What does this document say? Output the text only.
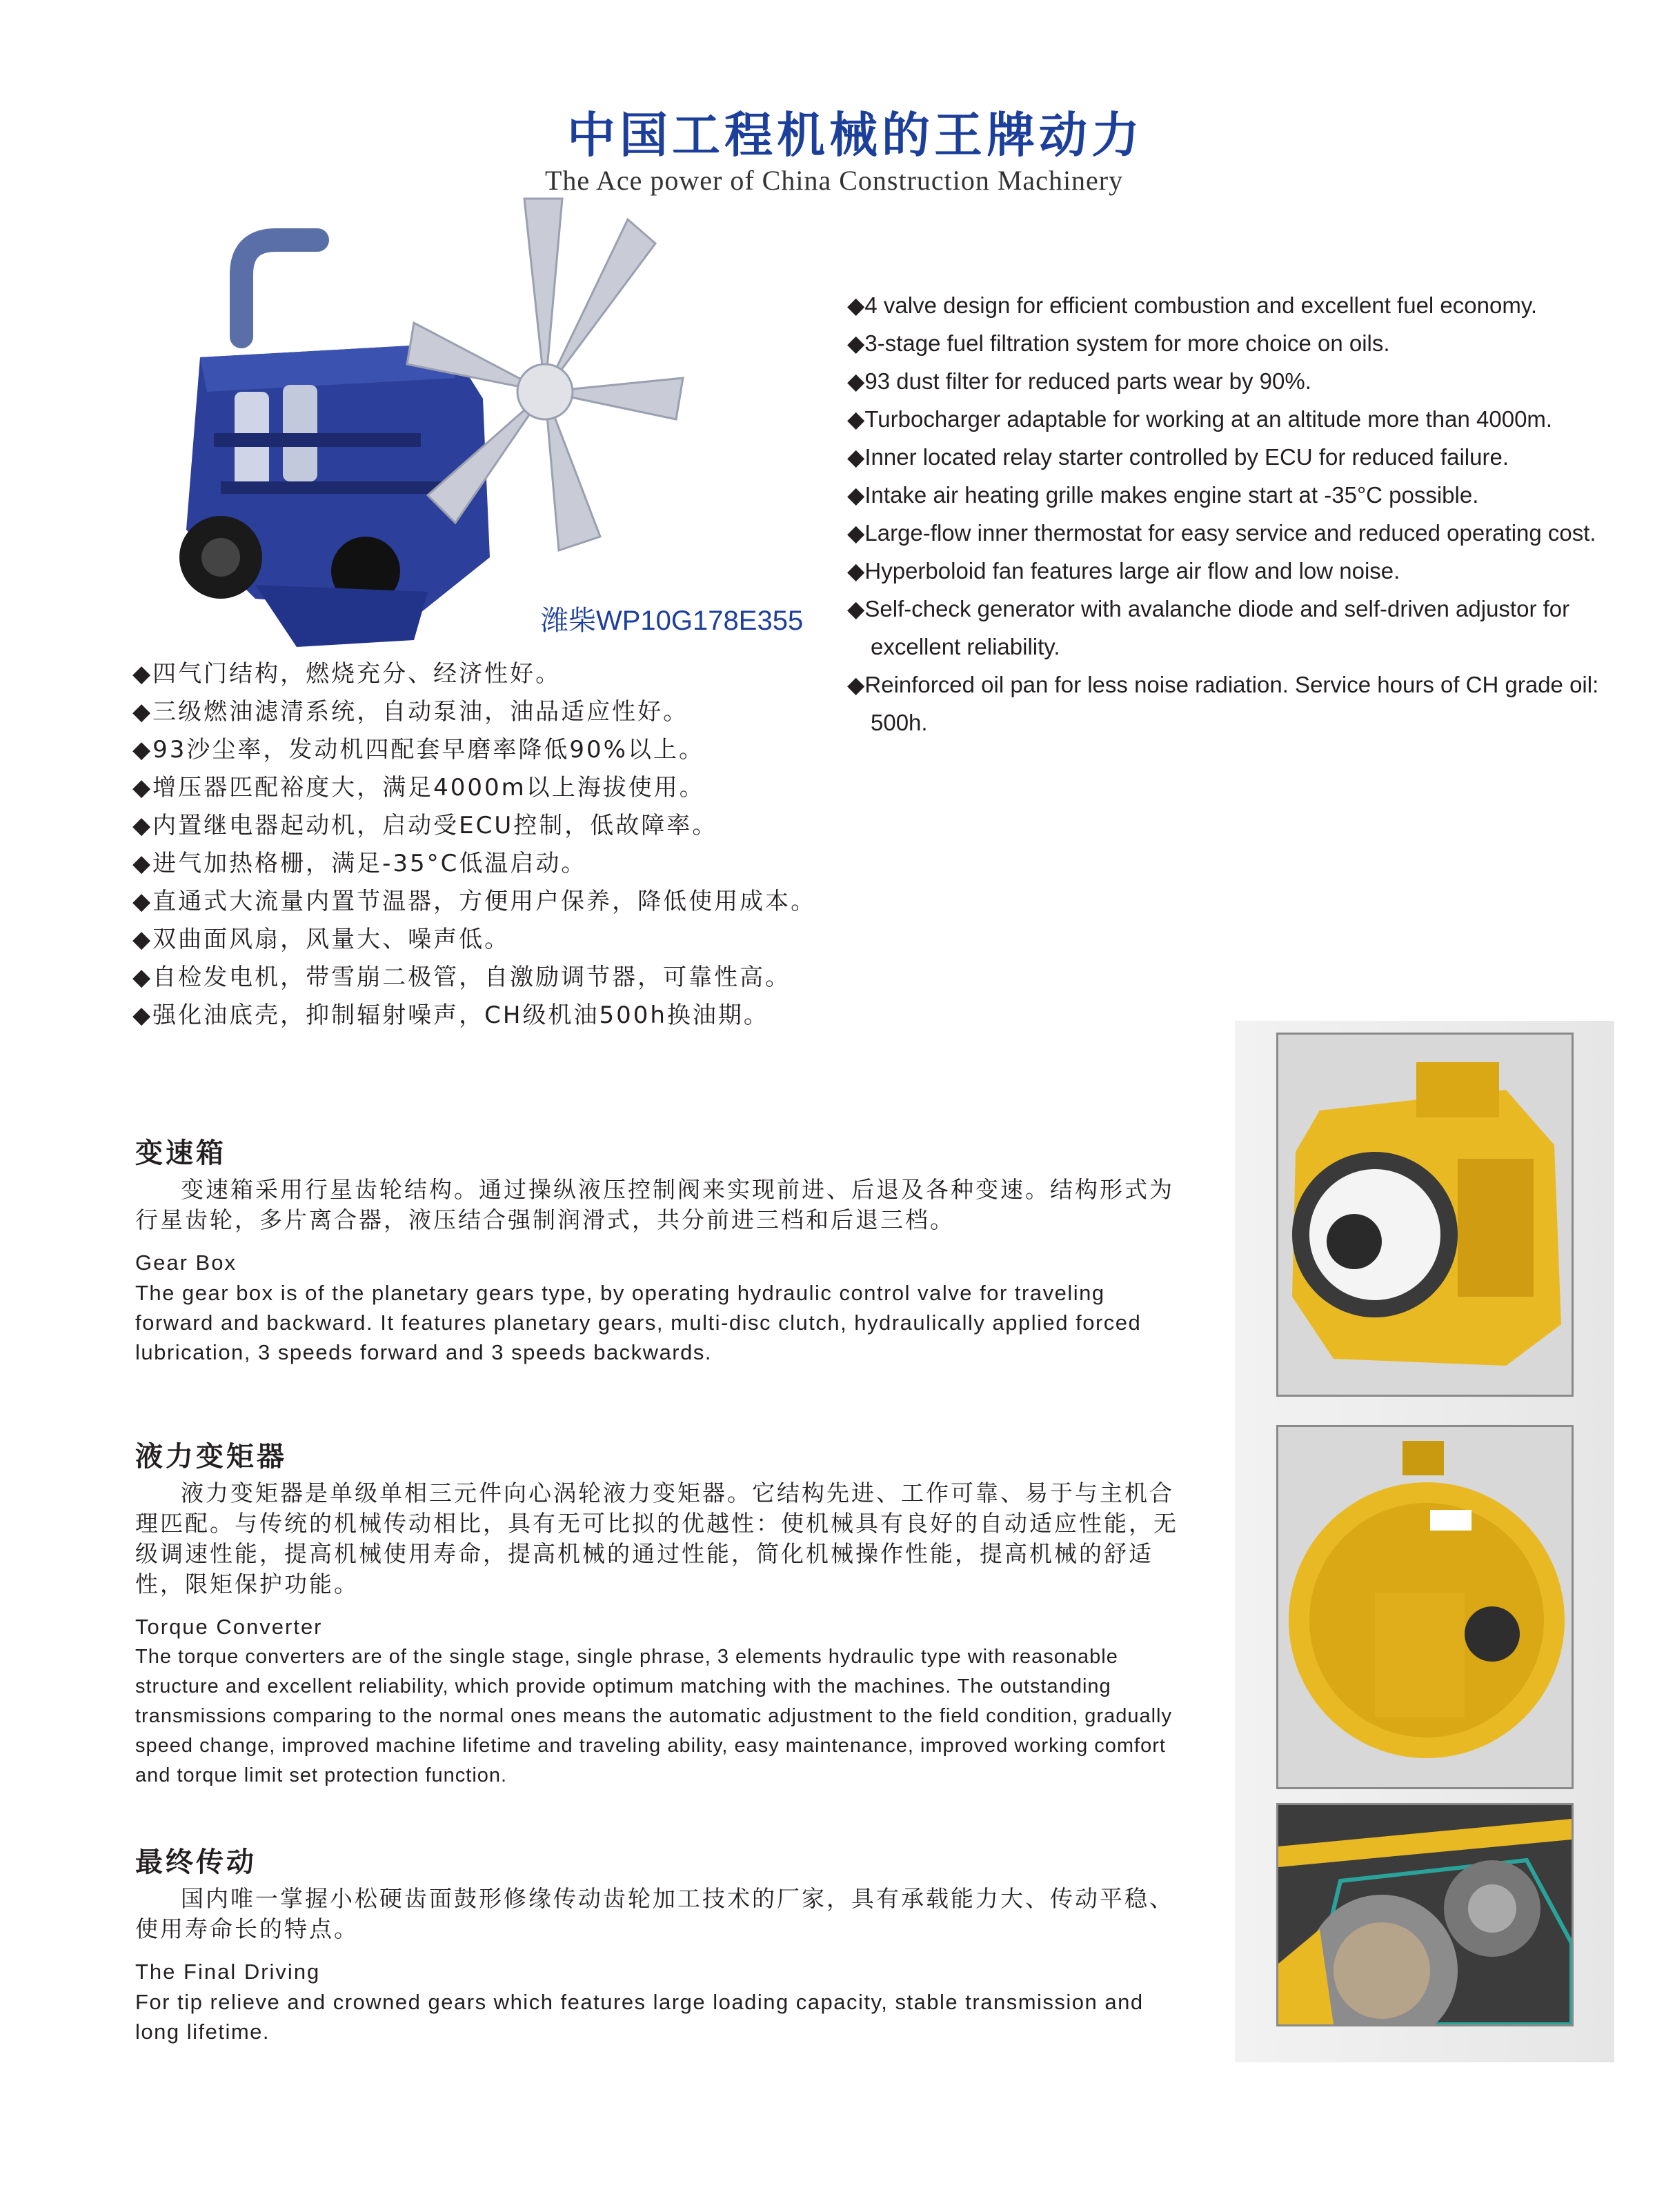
中国工程机械的王牌动力
The Ace power of China Construction Machinery
潍柴WP10G178E355
◆4 valve design for efficient combustion and excellent fuel economy.
◆3-stage fuel filtration system for more choice on oils.
◆93 dust filter for reduced parts wear by 90%.
◆Turbocharger adaptable for working at an altitude more than 4000m.
◆Inner located relay starter controlled by ECU for reduced failure.
◆Intake air heating grille makes engine start at -35°C possible.
◆Large-flow inner thermostat for easy service and reduced operating cost.
◆Hyperboloid fan features large air flow and low noise.
◆Self-check generator with avalanche diode and self-driven adjustor for excellent reliability.
◆Reinforced oil pan for less noise radiation. Service hours of CH grade oil: 500h.
◆四气门结构，燃烧充分、经济性好。
◆三级燃油滤清系统，自动泵油，油品适应性好。
◆93沙尘率，发动机四配套早磨率降低90%以上。
◆增压器匹配裕度大，满足4000m以上海拔使用。
◆内置继电器起动机，启动受ECU控制，低故障率。
◆进气加热格栅，满足-35°C低温启动。
◆直通式大流量内置节温器，方便用户保养，降低使用成本。
◆双曲面风扇，风量大、噪声低。
◆自检发电机，带雪崩二极管，自激励调节器，可靠性高。
◆强化油底壳，抑制辐射噪声，CH级机油500h换油期。
变速箱

变速箱采用行星齿轮结构。通过操纵液压控制阀来实现前进、后退及各种变速。结构形式为行星齿轮，多片离合器，液压结合强制润滑式，共分前进三档和后退三档。

Gear Box

The gear box is of the planetary gears type, by operating hydraulic control valve for traveling forward and backward. It features planetary gears, multi-disc clutch, hydraulically applied forced lubrication, 3 speeds forward and 3 speeds backwards.

液力变矩器

液力变矩器是单级单相三元件向心涡轮液力变矩器。它结构先进、工作可靠、易于与主机合理匹配。与传统的机械传动相比，具有无可比拟的优越性：使机械具有良好的自动适应性能，无级调速性能，提高机械使用寿命，提高机械的通过性能，简化机械操作性能，提高机械的舒适性，限矩保护功能。

Torque Converter

The torque converters are of the single stage, single phrase, 3 elements hydraulic type with reasonable structure and excellent reliability, which provide optimum matching with the machines. The outstanding transmissions comparing to the normal ones means the automatic adjustment to the field condition, gradually speed change, improved machine lifetime and traveling ability, easy maintenance, improved working comfort and torque limit set protection function.

最终传动

国内唯一掌握小松硬齿面鼓形修缘传动齿轮加工技术的厂家，具有承载能力大、传动平稳、使用寿命长的特点。

The Final Driving

For tip relieve and crowned gears which features large loading capacity, stable transmission and long lifetime.
